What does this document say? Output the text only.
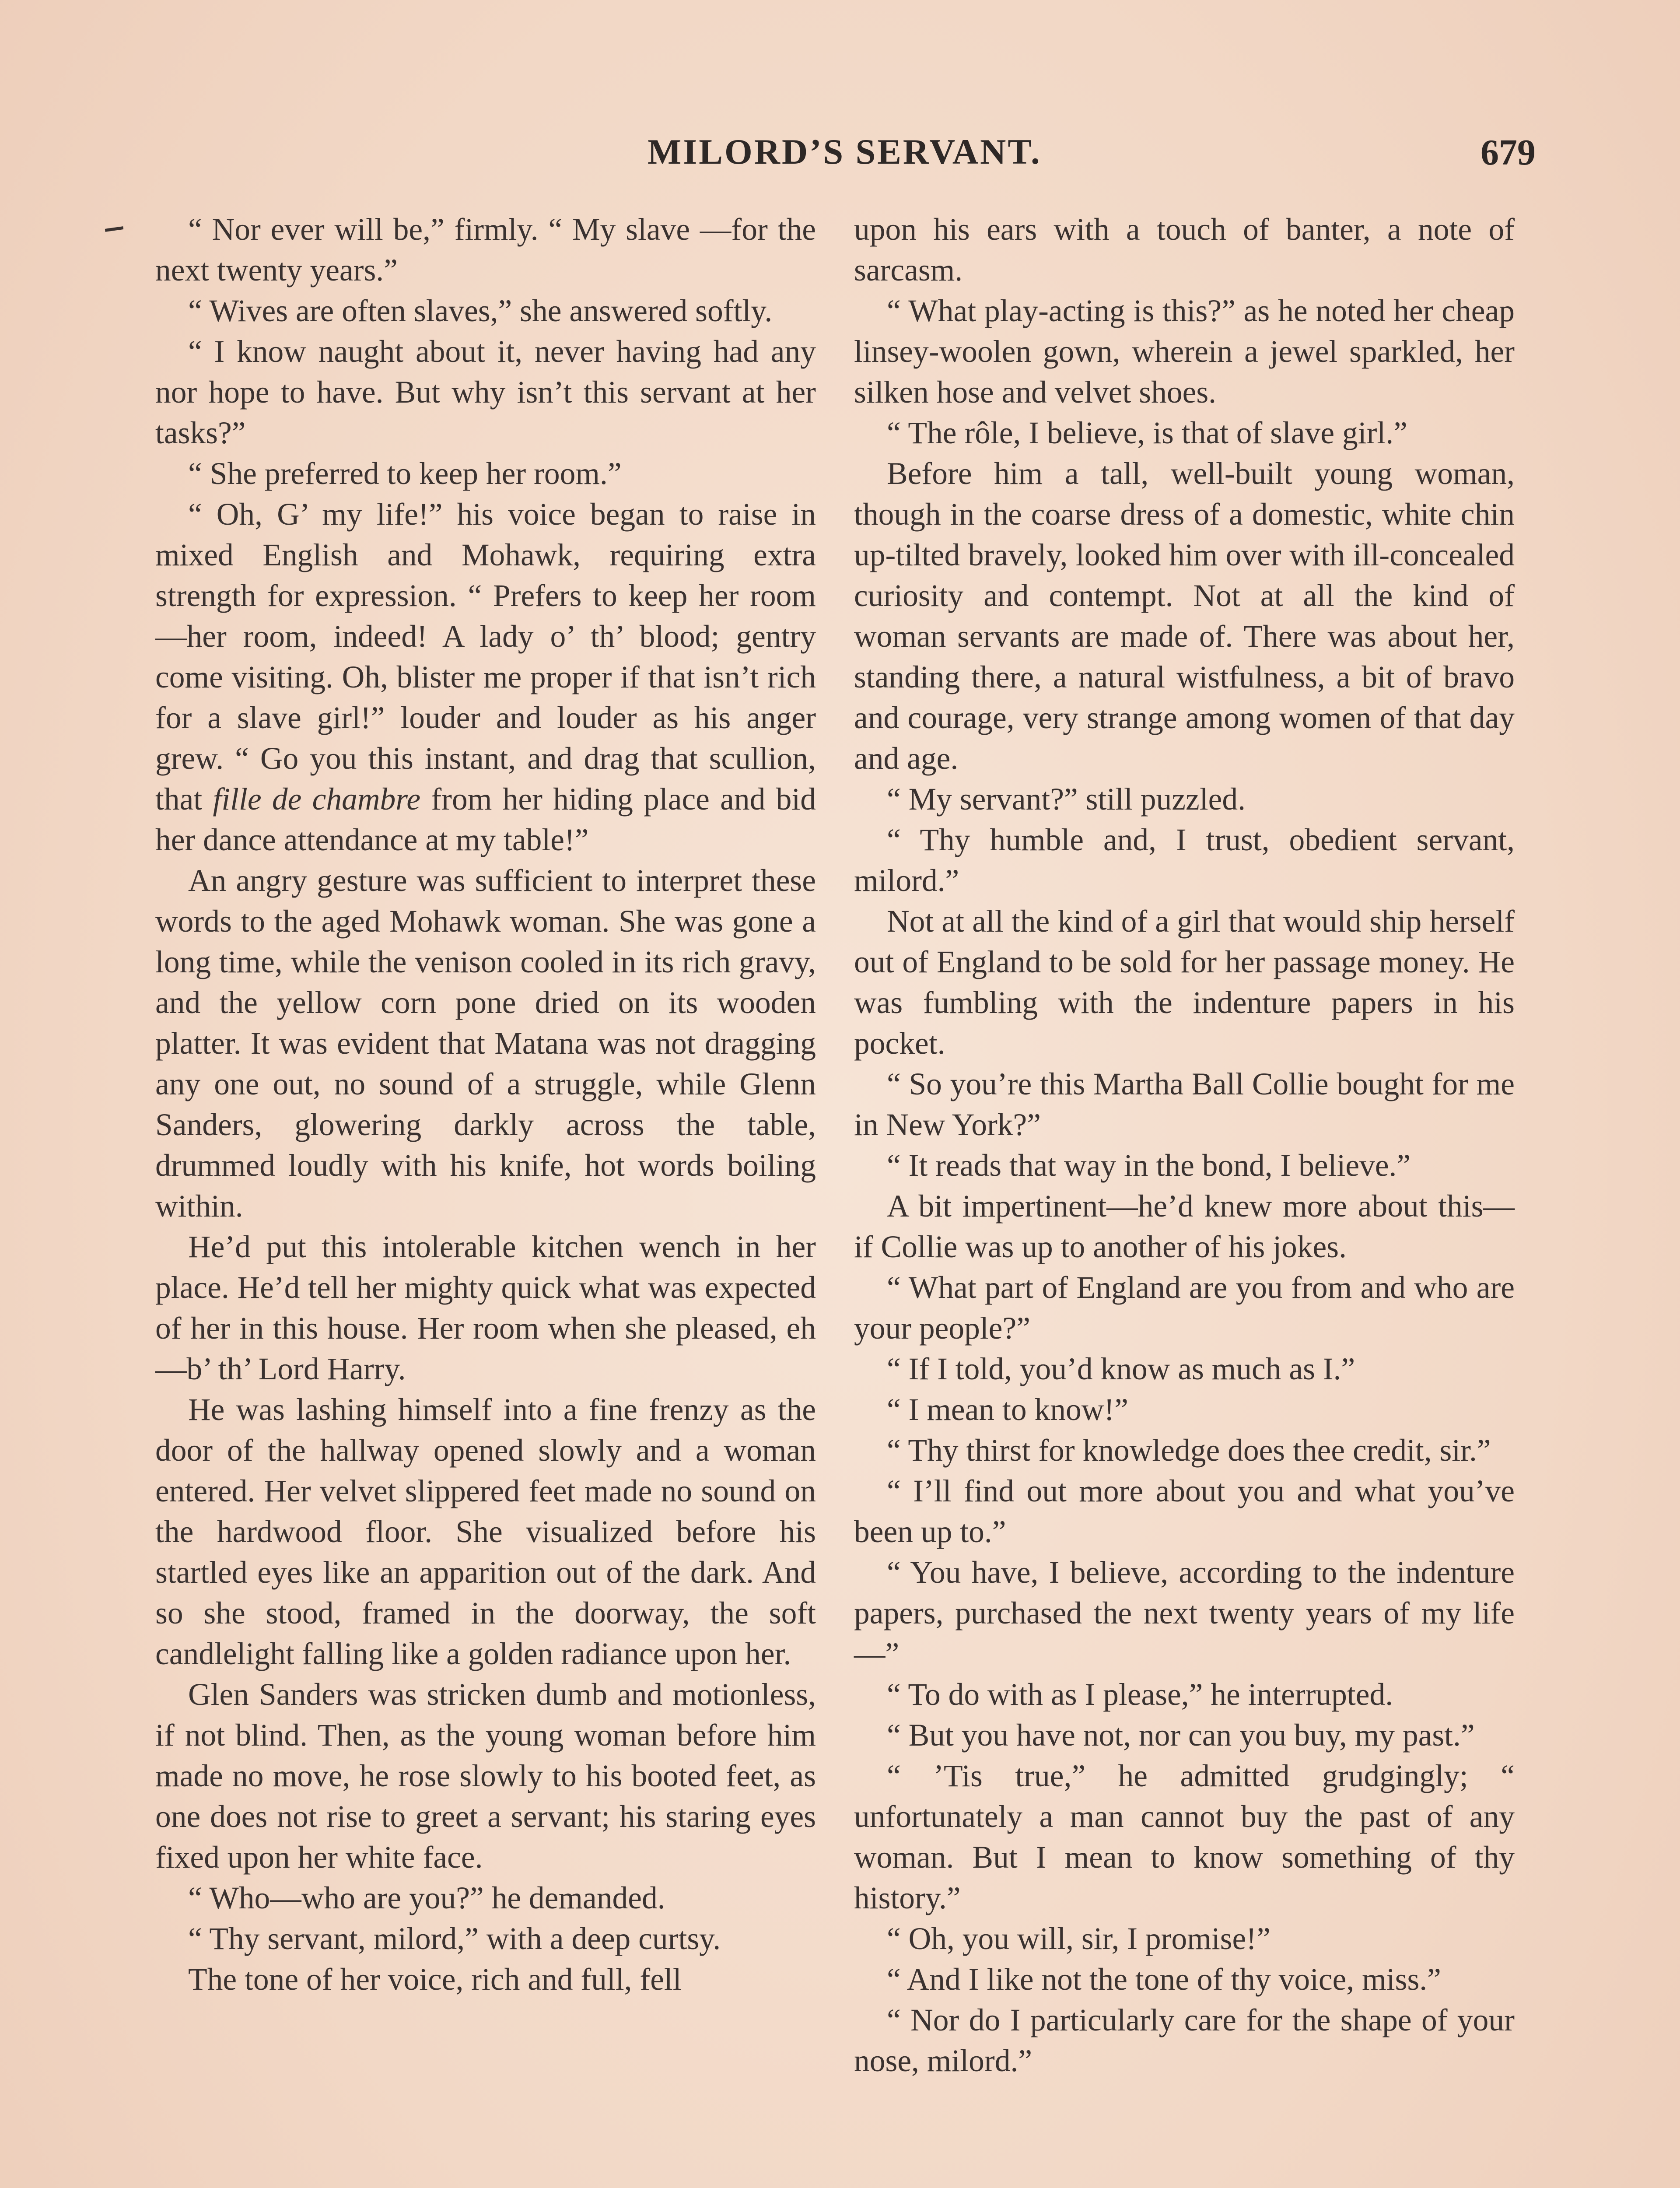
MILORD’S SERVANT.	679

“ Nor ever will be,” firmly. “ My slave —for the next twenty years.”

“ Wives are often slaves,” she answered softly.

“ I know naught about it, never having had any nor hope to have. But why isn’t this servant at her tasks?”

“ She preferred to keep her room.”

“ Oh, G’ my life!” his voice began to raise in mixed English and Mohawk, requiring extra strength for expression. “ Prefers to keep her room—her room, indeed! A lady o’ th’ blood; gentry come visiting. Oh, blister me proper if that isn’t rich for a slave girl!” louder and louder as his anger grew. “ Go you this instant, and drag that scullion, that fille de chambre from her hiding place and bid her dance attendance at my table!”

An angry gesture was sufficient to interpret these words to the aged Mohawk woman. She was gone a long time, while the venison cooled in its rich gravy, and the yellow corn pone dried on its wooden platter. It was evident that Matana was not dragging any one out, no sound of a struggle, while Glenn Sanders, glowering darkly across the table, drummed loudly with his knife, hot words boiling within.

He’d put this intolerable kitchen wench in her place. He’d tell her mighty quick what was expected of her in this house. Her room when she pleased, eh—b’ th’ Lord Harry.

He was lashing himself into a fine frenzy as the door of the hallway opened slowly and a woman entered. Her velvet slippered feet made no sound on the hardwood floor. She visualized before his startled eyes like an apparition out of the dark. And so she stood, framed in the doorway, the soft candlelight falling like a golden radiance upon her.

Glen Sanders was stricken dumb and motionless, if not blind. Then, as the young woman before him made no move, he rose slowly to his booted feet, as one does not rise to greet a servant; his staring eyes fixed upon her white face.

“ Who—who are you?” he demanded.

“ Thy servant, milord,” with a deep curtsy.

The tone of her voice, rich and full, fell

upon his ears with a touch of banter, a note of sarcasm.

“ What play-acting is this?” as he noted her cheap linsey-woolen gown, wherein a jewel sparkled, her silken hose and velvet shoes.

“ The rôle, I believe, is that of slave girl.”

Before him a tall, well-built young woman, though in the coarse dress of a domestic, white chin up-tilted bravely, looked him over with ill-concealed curiosity and contempt. Not at all the kind of woman servants are made of. There was about her, standing there, a natural wistfulness, a bit of bravo and courage, very strange among women of that day and age.

“ My servant?” still puzzled.

“ Thy humble and, I trust, obedient servant, milord.”

Not at all the kind of a girl that would ship herself out of England to be sold for her passage money. He was fumbling with the indenture papers in his pocket.

“ So you’re this Martha Ball Collie bought for me in New York?”

“ It reads that way in the bond, I believe.”

A bit impertinent—he’d knew more about this—if Collie was up to another of his jokes.

“ What part of England are you from and who are your people?”

“ If I told, you’d know as much as I.”

“ I mean to know!”

“ Thy thirst for knowledge does thee credit, sir.”

“ I’ll find out more about you and what you’ve been up to.”

“ You have, I believe, according to the indenture papers, purchased the next twenty years of my life—”

“ To do with as I please,” he interrupted.

“ But you have not, nor can you buy, my past.”

“ ’Tis true,” he admitted grudgingly; “ unfortunately a man cannot buy the past of any woman. But I mean to know something of thy history.”

“ Oh, you will, sir, I promise!”

“ And I like not the tone of thy voice, miss.”

“ Nor do I particularly care for the shape of your nose, milord.”
